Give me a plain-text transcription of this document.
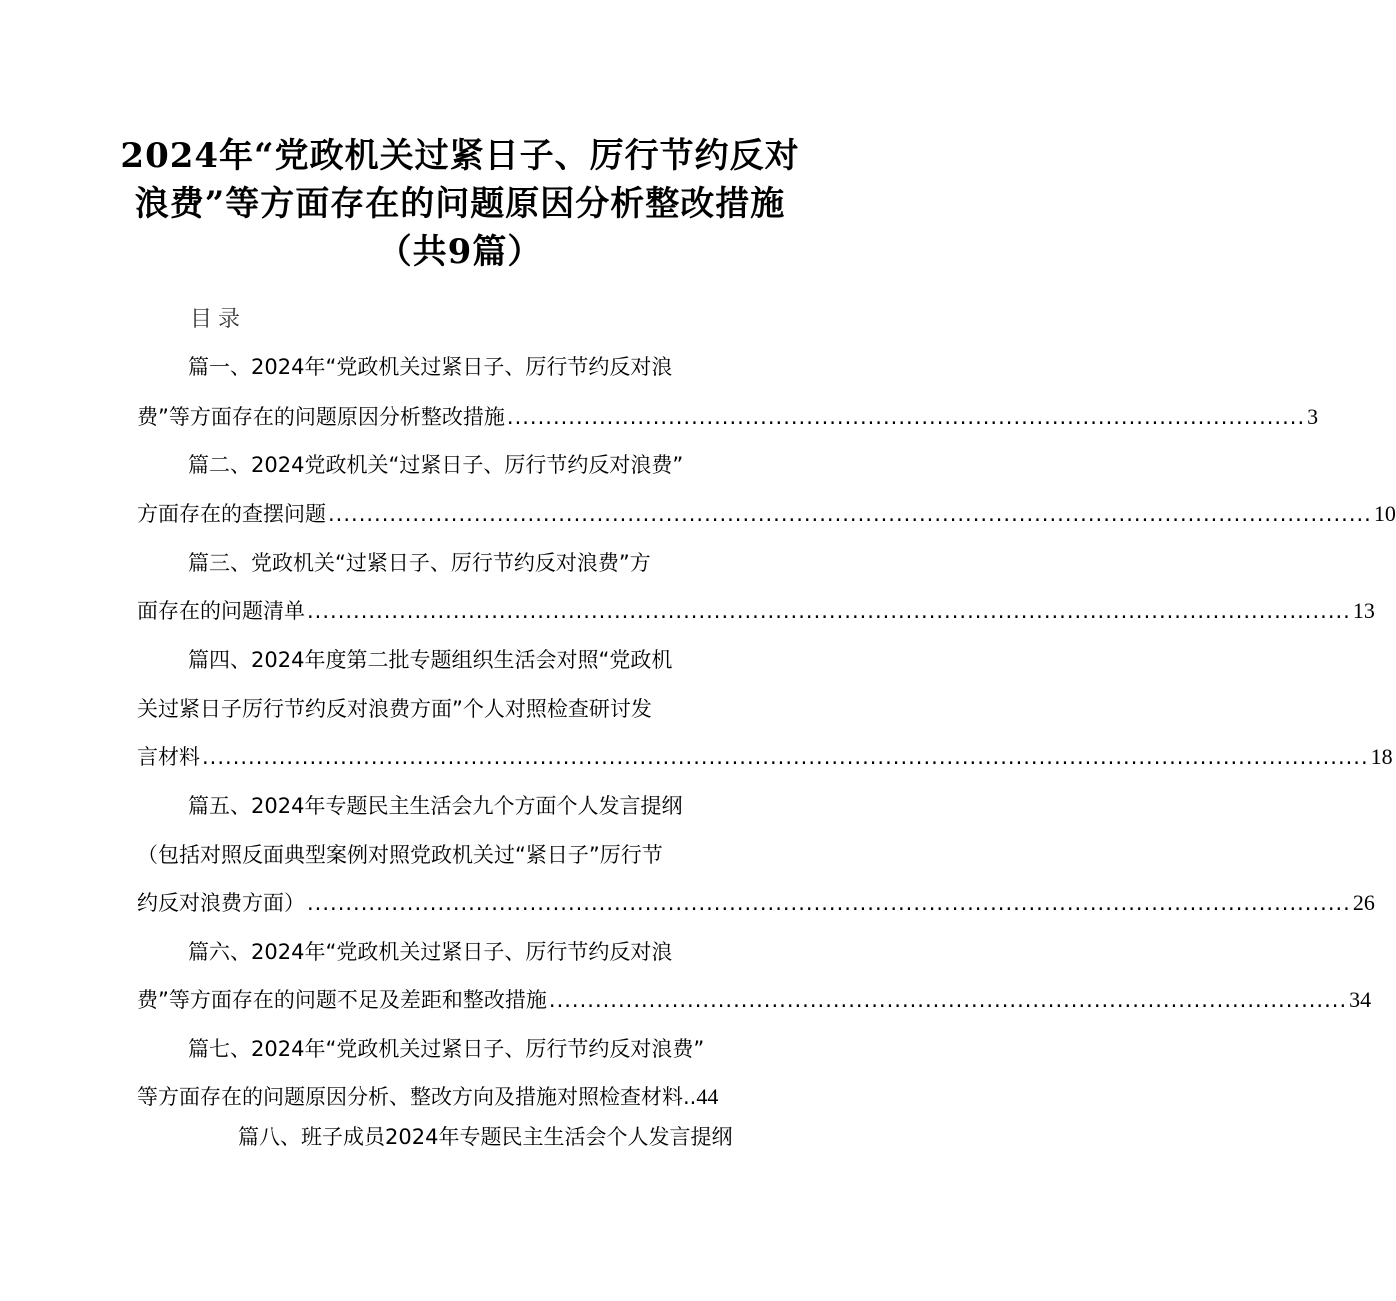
2024年“党政机关过紧日子、厉行节约反对
浪费”等方面存在的问题原因分析整改措施
（共9篇）
目录
篇一、2024年“党政机关过紧日子、厉行节约反对浪
费”等方面存在的问题原因分析整改措施 ........................................................................................................ 3
篇二、2024党政机关“过紧日子、厉行节约反对浪费”
方面存在的查摆问题 ........................................................................................................................................ 10
篇三、党政机关“过紧日子、厉行节约反对浪费”方
面存在的问题清单 ........................................................................................................................................ 13
篇四、2024年度第二批专题组织生活会对照“党政机
关过紧日子厉行节约反对浪费方面”个人对照检查研讨发
言材料 ........................................................................................................................................................ 18
篇五、2024年专题民主生活会九个方面个人发言提纲
（包括对照反面典型案例对照党政机关过“紧日子”厉行节
约反对浪费方面） ........................................................................................................................................ 26
篇六、2024年“党政机关过紧日子、厉行节约反对浪
费”等方面存在的问题不足及差距和整改措施 ........................................................................................................ 34
篇七、2024年“党政机关过紧日子、厉行节约反对浪费”
等方面存在的问题原因分析、整改方向及措施对照检查材料.. 44
篇八、班子成员2024年专题民主生活会个人发言提纲
